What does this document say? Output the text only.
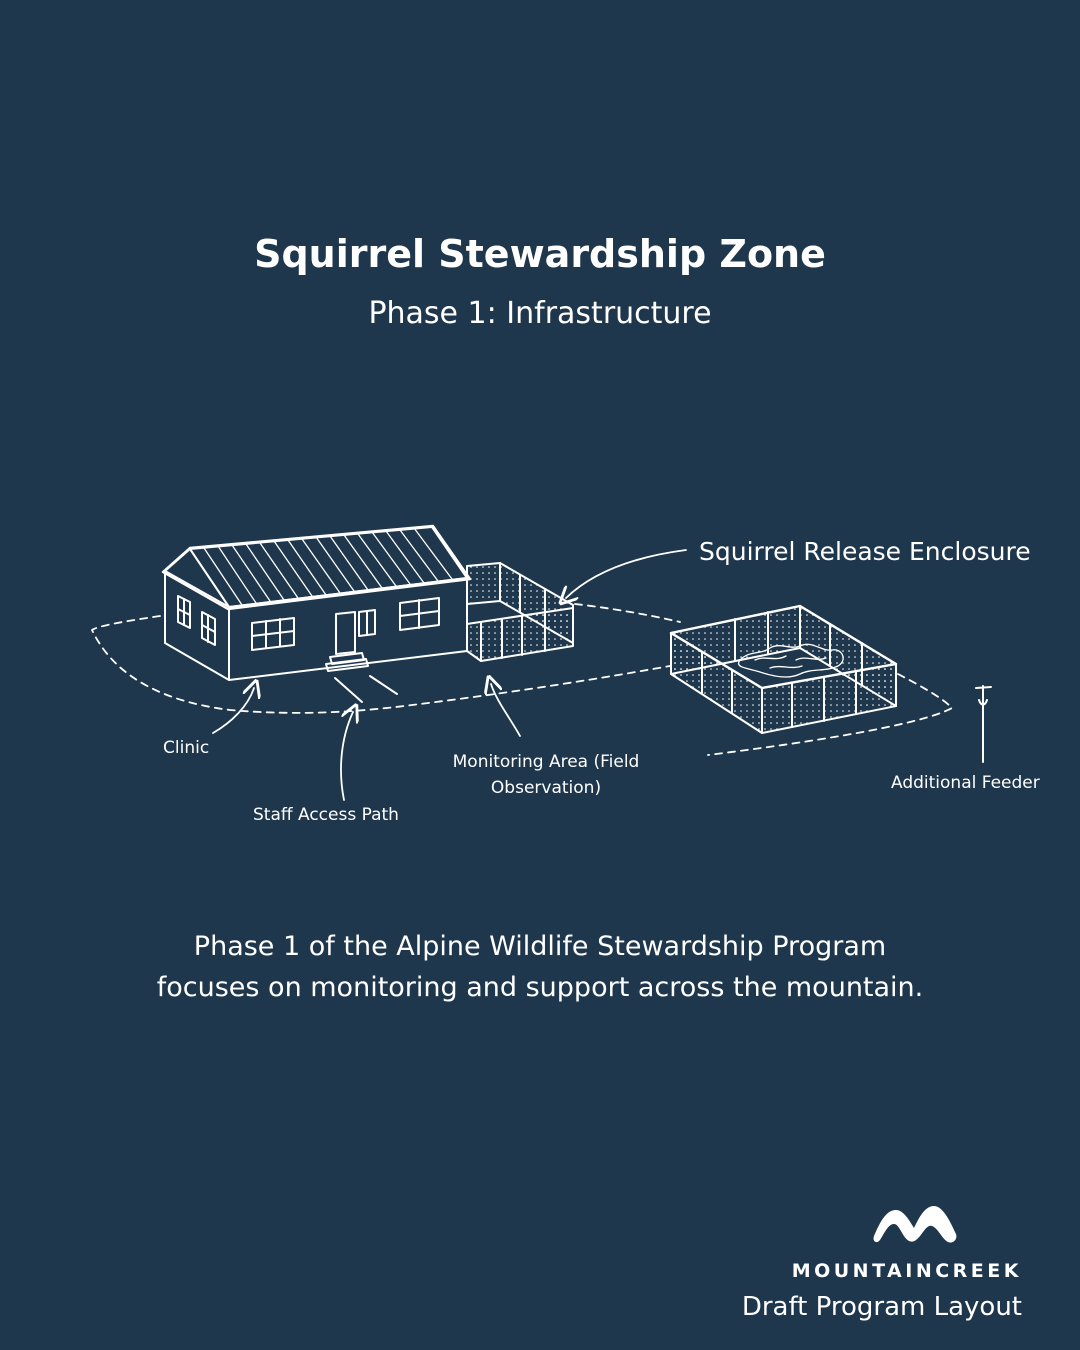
Squirrel Stewardship Zone
Phase 1: Infrastructure
Squirrel Release Enclosure
Clinic
Staff Access Path
Monitoring Area (Field
Observation)	Additional Feeder
Phase 1 of the Alpine Wildlife Stewardship Program
focuses on monitoring and support across the mountain.
MOUNTAINCREEK
Draft Program Layout
